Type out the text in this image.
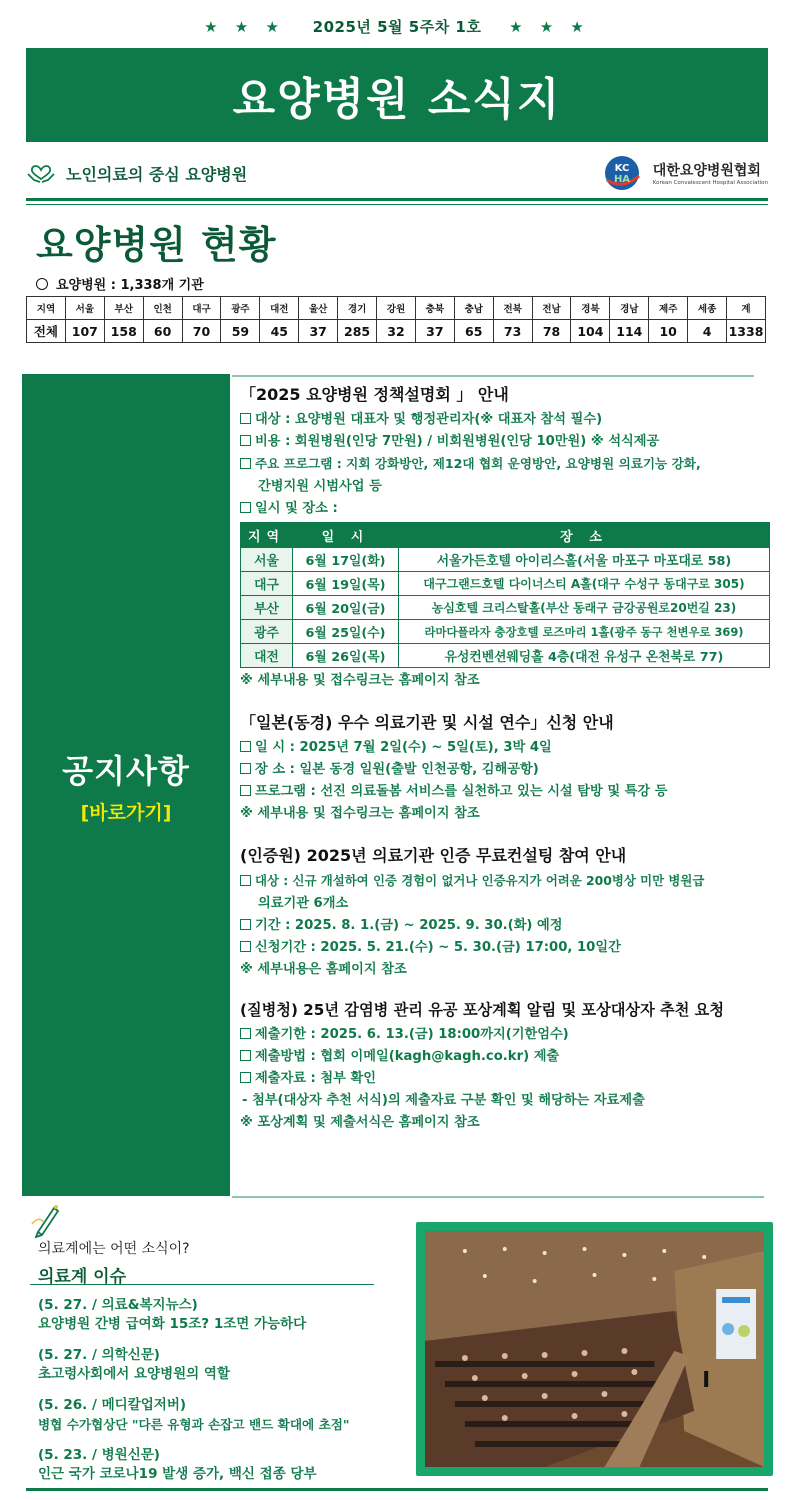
★ ★ ★ 2025년 5월 5주차 1호 ★ ★ ★
요양병원 소식지
노인의료의 중심 요양병원	KC
HA
대한요양병원협회
Korean Convalescent Hospital Association
요양병원 현황
요양병원 : 1,338개 기관
지역	서울	부산	인천	대구	광주	대전	울산	경기	강원	충북	충남	전북	전남	경북	경남	제주	세종	계
전체	107	158	60	70	59	45	37	285	32	37	65	73	78	104	114	10	4	1338
공지사항
[바로가기]
「2025 요양병원 정책설명회 」 안내
대상 : 요양병원 대표자 및 행정관리자(※ 대표자 참석 필수)
비용 : 회원병원(인당 7만원) / 비회원병원(인당 10만원) ※ 석식제공
주요 프로그램 : 지회 강화방안, 제12대 협회 운영방안, 요양병원 의료기능 강화,
간병지원 시범사업 등
일시 및 장소 :
지역	일 시	장 소
서울	6월 17일(화)	서울가든호텔 아이리스홀(서울 마포구 마포대로 58)
대구	6월 19일(목)	대구그랜드호텔 다이너스티 A홀(대구 수성구 동대구로 305)
부산	6월 20일(금)	농심호텔 크리스탈홀(부산 동래구 금강공원로20번길 23)
광주	6월 25일(수)	라마다플라자 충장호텔 로즈마리 1홀(광주 동구 천변우로 369)
대전	6월 26일(목)	유성컨벤션웨딩홀 4층(대전 유성구 온천북로 77)
※ 세부내용 및 접수링크는 홈페이지 참조
「일본(동경) 우수 의료기관 및 시설 연수」신청 안내
일 시 : 2025년 7월 2일(수) ~ 5일(토), 3박 4일
장 소 : 일본 동경 일원(출발 인천공항, 김해공항)
프로그램 : 선진 의료돌봄 서비스를 실천하고 있는 시설 탐방 및 특강 등
※ 세부내용 및 접수링크는 홈페이지 참조
(인증원) 2025년 의료기관 인증 무료컨설팅 참여 안내
대상 : 신규 개설하여 인증 경험이 없거나 인증유지가 어려운 200병상 미만 병원급
의료기관 6개소
기간 : 2025. 8. 1.(금) ~ 2025. 9. 30.(화) 예정
신청기간 : 2025. 5. 21.(수) ~ 5. 30.(금) 17:00, 10일간
※ 세부내용은 홈페이지 참조
(질병청) 25년 감염병 관리 유공 포상계획 알림 및 포상대상자 추천 요청
제출기한 : 2025. 6. 13.(금) 18:00까지(기한엄수)
제출방법 : 협회 이메일(kagh@kagh.co.kr) 제출
제출자료 : 첨부 확인
- 첨부(대상자 추천 서식)의 제출자료 구분 확인 및 해당하는 자료제출
※ 포상계획 및 제출서식은 홈페이지 참조
의료계에는 어떤 소식이?
의료계 이슈
(5. 27. / 의료&복지뉴스)
요양병원 간병 급여화 15조? 1조면 가능하다
(5. 27. / 의학신문)
초고령사회에서 요양병원의 역할
(5. 26. / 메디칼업저버)
병협 수가협상단 "다른 유형과 손잡고 밴드 확대에 초점"
(5. 23. / 병원신문)
인근 국가 코로나19 발생 증가, 백신 접종 당부
